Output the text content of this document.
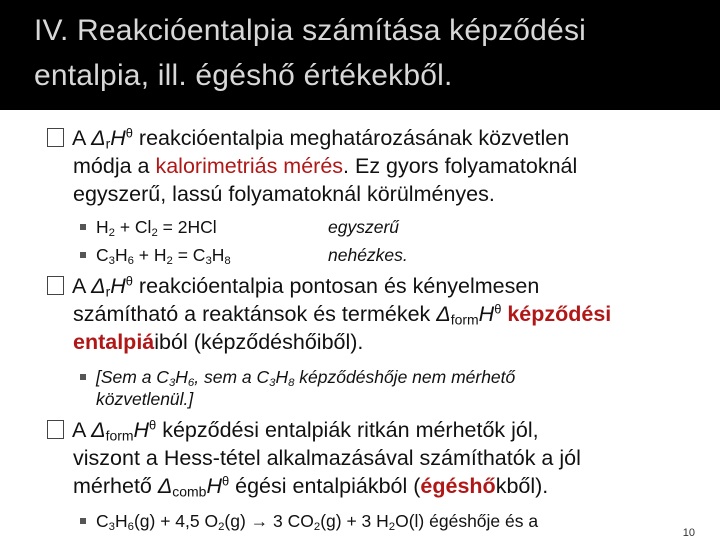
IV. Reakcióentalpia számítása képződési
entalpia, ill. égéshő értékekből.

A $\Delta_rH^\theta$ reakcióentalpia meghatározásának közvetlen
módja a kalorimetriás mérés. Ez gyors folyamatoknál
egyszerű, lassú folyamatoknál körülményes.

$H_2 + Cl_2 = 2HCl$	egyszerű
$C_3H_6 + H_2 = C_3H_8$	nehézkes.

A $\Delta_rH^\theta$ reakcióentalpia pontosan és kényelmesen
számítható a reaktánsok és termékek $\Delta_{form}H^\theta$ képződési
entalpiáiból (képződéshőiből).

[Sem a $C_3H_6$, sem a $C_3H_8$ képződéshője nem mérhető
közvetlenül.]

A $\Delta_{form}H^\theta$ képződési entalpiák ritkán mérhetők jól,
viszont a Hess-tétel alkalmazásával számíthatók a jól
mérhető $\Delta_{comb}H^\theta$ égési entalpiákból (égéshőkből).

$C_3H_6(g) + 4,5$ $O_2(g) \to 3$ $CO_2(g) + 3$ $H_2O(l)$ égéshője és a
10
